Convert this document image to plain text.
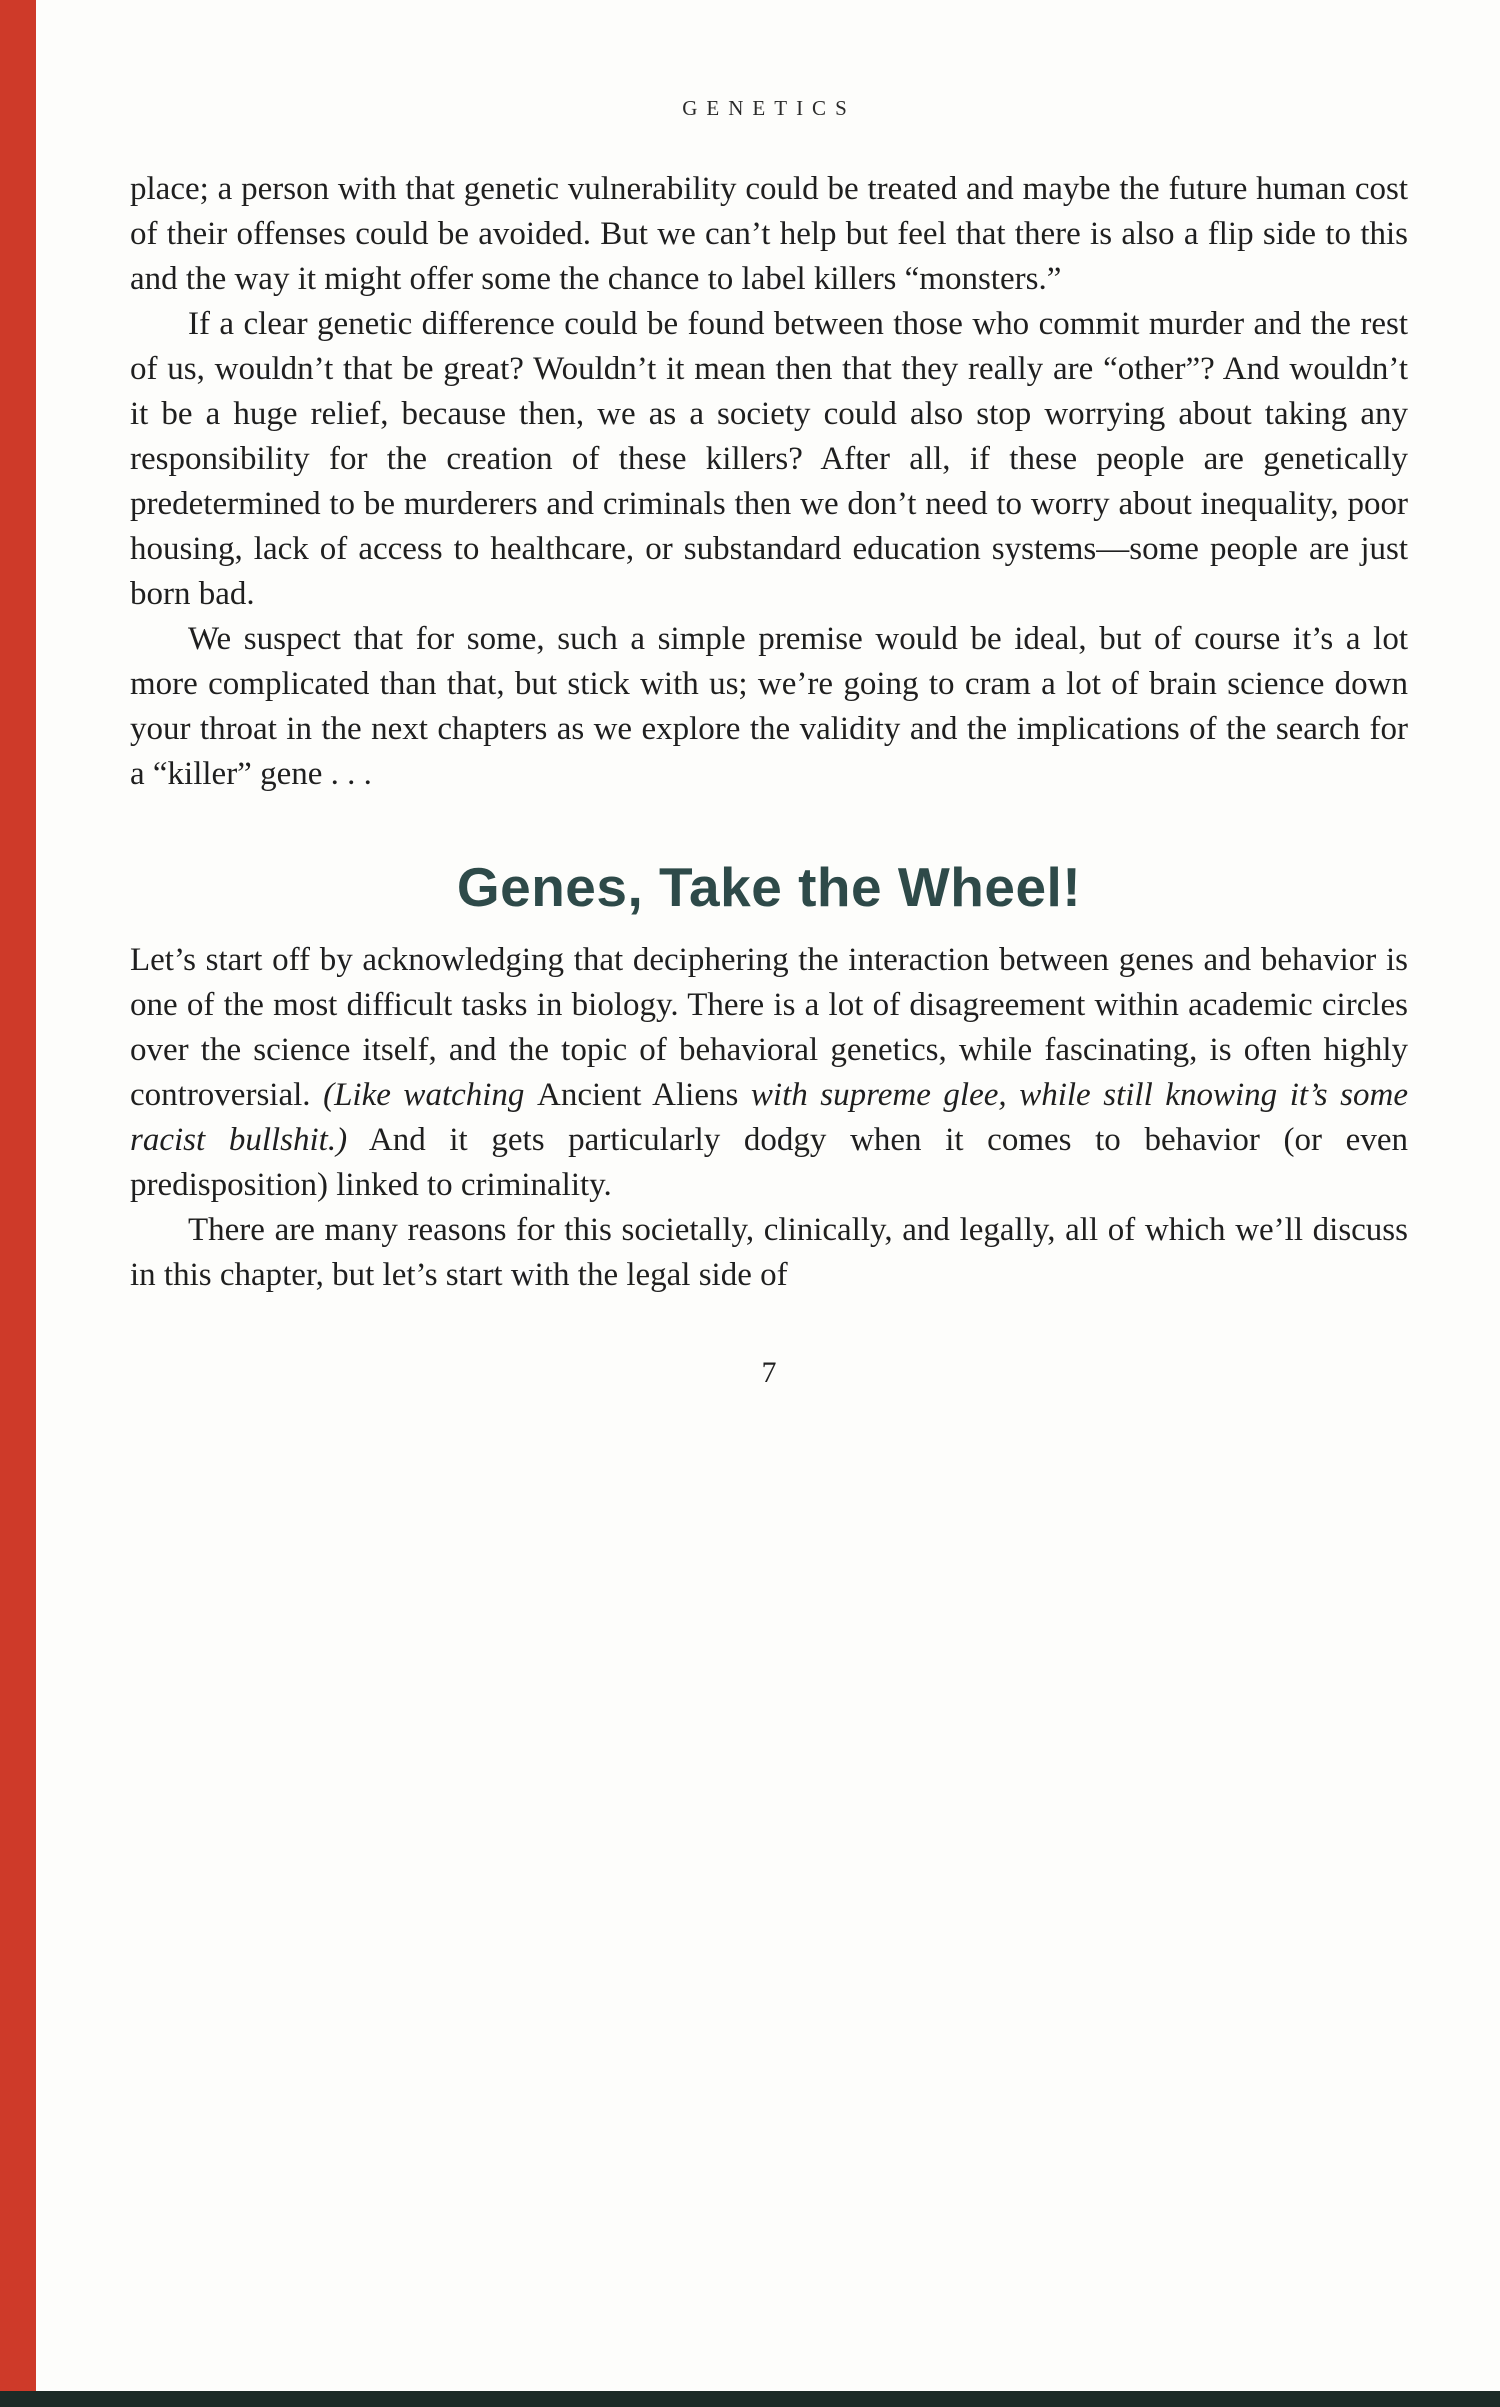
GENETICS

place; a person with that genetic vulnerability could be treated and maybe the future human cost of their offenses could be avoided. But we can’t help but feel that there is also a flip side to this and the way it might offer some the chance to label killers “monsters.”

If a clear genetic difference could be found between those who commit murder and the rest of us, wouldn’t that be great? Wouldn’t it mean then that they really are “other”? And wouldn’t it be a huge relief, because then, we as a society could also stop worrying about taking any responsibility for the creation of these killers? After all, if these people are genetically predetermined to be murderers and criminals then we don’t need to worry about inequality, poor housing, lack of access to healthcare, or substandard education systems—some people are just born bad.

We suspect that for some, such a simple premise would be ideal, but of course it’s a lot more complicated than that, but stick with us; we’re going to cram a lot of brain science down your throat in the next chapters as we explore the validity and the implications of the search for a “killer” gene . . .

Genes, Take the Wheel!

Let’s start off by acknowledging that deciphering the interaction between genes and behavior is one of the most difficult tasks in biology. There is a lot of disagreement within academic circles over the science itself, and the topic of behavioral genetics, while fascinating, is often highly controversial. (Like watching Ancient Aliens with supreme glee, while still knowing it’s some racist bullshit.) And it gets particularly dodgy when it comes to behavior (or even predisposition) linked to criminality.

There are many reasons for this societally, clinically, and legally, all of which we’ll discuss in this chapter, but let’s start with the legal side of

7
